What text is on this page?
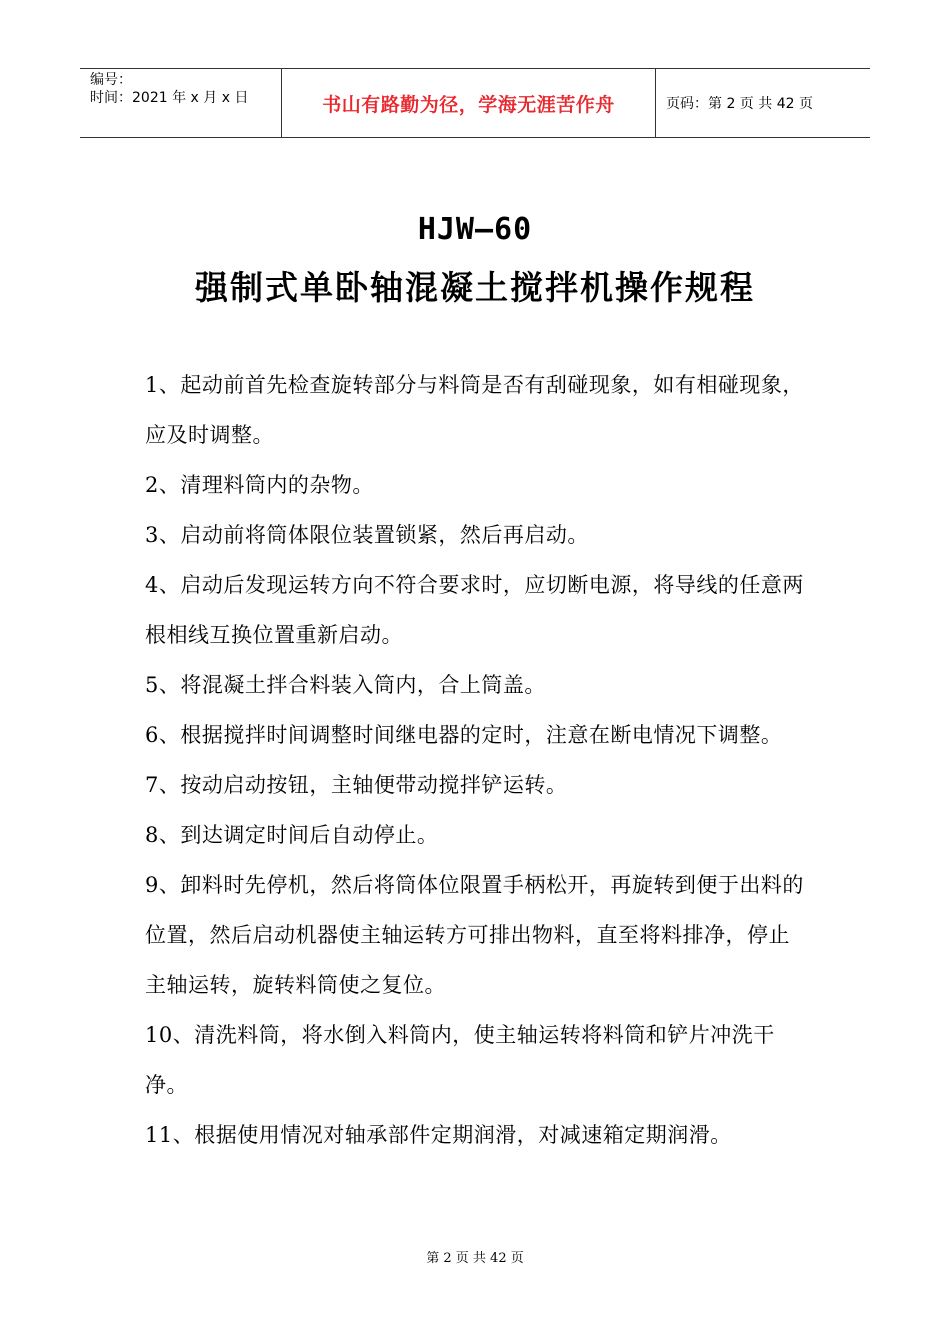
编号：
时间：2021 年 x 月 x 日	书山有路勤为径，学海无涯苦作舟	页码：第 2 页 共 42 页
HJW—60
强制式单卧轴混凝土搅拌机操作规程

1、起动前首先检查旋转部分与料筒是否有刮碰现象，如有相碰现象，应及时调整。

2、清理料筒内的杂物。

3、启动前将筒体限位装置锁紧，然后再启动。

4、启动后发现运转方向不符合要求时，应切断电源，将导线的任意两根相线互换位置重新启动。

5、将混凝土拌合料装入筒内，合上筒盖。

6、根据搅拌时间调整时间继电器的定时，注意在断电情况下调整。

7、按动启动按钮，主轴便带动搅拌铲运转。

8、到达调定时间后自动停止。

9、卸料时先停机，然后将筒体位限置手柄松开，再旋转到便于出料的位置，然后启动机器使主轴运转方可排出物料，直至将料排净，停止主轴运转，旋转料筒使之复位。

10、清洗料筒，将水倒入料筒内，使主轴运转将料筒和铲片冲洗干净。

11、根据使用情况对轴承部件定期润滑，对减速箱定期润滑。

第 2 页 共 42 页
